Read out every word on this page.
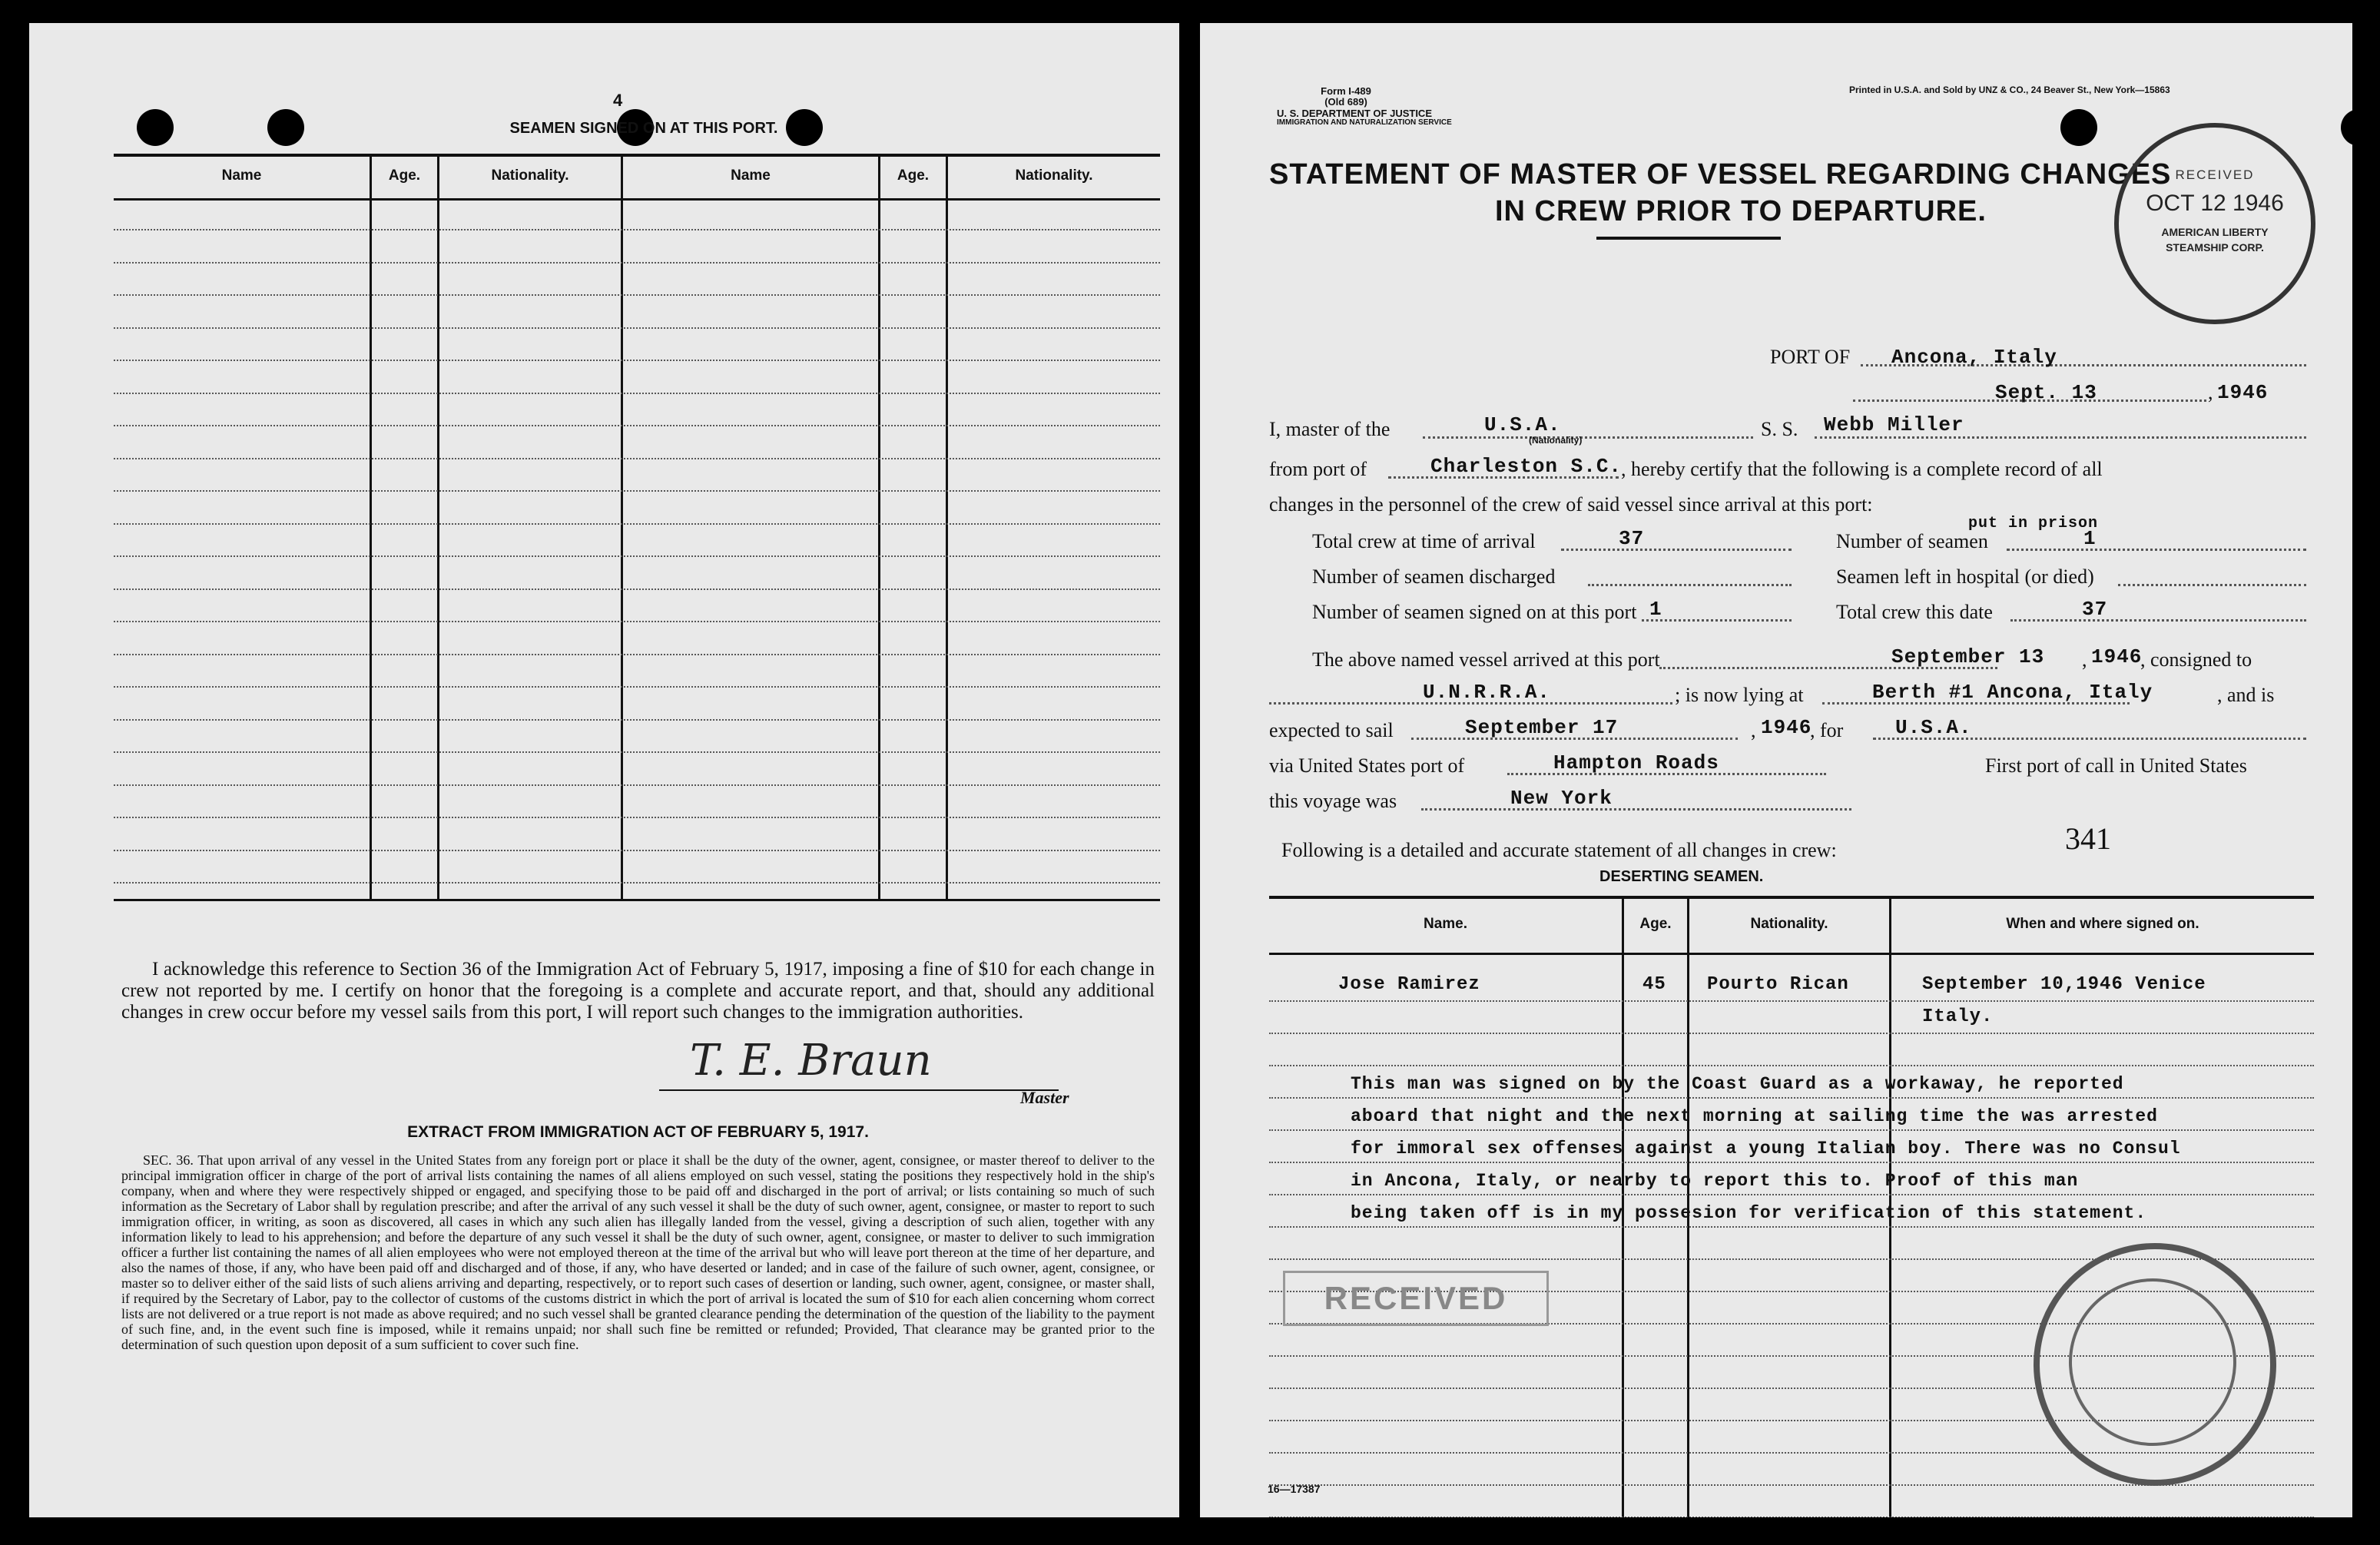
4
SEAMEN SIGNED ON AT THIS PORT.
Name	Age.	Nationality.	Name	Age.	Nationality.
I acknowledge this reference to Section 36 of the Immigration Act of February 5, 1917, imposing a fine of $10 for each change in crew not reported by me. I certify on honor that the foregoing is a complete and accurate report, and that, should any additional changes in crew occur before my vessel sails from this port, I will report such changes to the immigration authorities.
T. E. Braun
Master
EXTRACT FROM IMMIGRATION ACT OF FEBRUARY 5, 1917.
SEC. 36. That upon arrival of any vessel in the United States from any foreign port or place it shall be the duty of the owner, agent, consignee, or master thereof to deliver to the principal immigration officer in charge of the port of arrival lists containing the names of all aliens employed on such vessel, stating the positions they respectively hold in the ship's company, when and where they were respectively shipped or engaged, and specifying those to be paid off and discharged in the port of arrival; or lists containing so much of such information as the Secretary of Labor shall by regulation prescribe; and after the arrival of any such vessel it shall be the duty of such owner, agent, consignee, or master to report to such immigration officer, in writing, as soon as discovered, all cases in which any such alien has illegally landed from the vessel, giving a description of such alien, together with any information likely to lead to his apprehension; and before the departure of any such vessel it shall be the duty of such owner, agent, consignee, or master to deliver to such immigration officer a further list containing the names of all alien employees who were not employed thereon at the time of the arrival but who will leave port thereon at the time of her departure, and also the names of those, if any, who have been paid off and discharged and of those, if any, who have deserted or landed; and in case of the failure of such owner, agent, consignee, or master so to deliver either of the said lists of such aliens arriving and departing, respectively, or to report such cases of desertion or landing, such owner, agent, consignee, or master shall, if required by the Secretary of Labor, pay to the collector of customs of the customs district in which the port of arrival is located the sum of $10 for each alien concerning whom correct lists are not delivered or a true report is not made as above required; and no such vessel shall be granted clearance pending the determination of the question of the liability to the payment of such fine, and, in the event such fine is imposed, while it remains unpaid; nor shall such fine be remitted or refunded; Provided, That clearance may be granted prior to the determination of such question upon deposit of a sum sufficient to cover such fine.
Form I-489
(Old 689)
U. S. DEPARTMENT OF JUSTICE
IMMIGRATION AND NATURALIZATION SERVICE
Printed in U.S.A. and Sold by UNZ & CO., 24 Beaver St., New York—15863
STATEMENT OF MASTER OF VESSEL REGARDING CHANGES
IN CREW PRIOR TO DEPARTURE.
RECEIVED
OCT 12 1946
AMERICAN LIBERTY
STEAMSHIP CORP.
PORT OF Ancona, Italy
Sept. 13	, 1946
I, master of the	U.S.A.
(Nationality)	S. S. Webb Miller
from port of	Charleston S.C.
, hereby certify that the following is a complete record of all
changes in the personnel of the crew of said vessel since arrival at this port:
Total crew at time of arrival	37	Number of seamen
put in prison
1
Number of seamen discharged	Seamen left in hospital (or died)
Number of seamen signed on at this port 1	Total crew this date	37
The above named vessel arrived at this port	September 13 , 1946
, consigned to
U.N.R.R.A.	; is now lying at	Berth #1 Ancona, Italy	, and is
expected to sail	September 17	, 1946
, for	U.S.A.
via United States port of	Hampton Roads	First port of call in United States
this voyage was	New York
Following is a detailed and accurate statement of all changes in crew:	341
DESERTING SEAMEN.
Name.	Age.	Nationality.	When and where signed on.
Jose Ramirez	45 Pourto Rican	September 10,1946 Venice
Italy.
This man was signed on by the Coast Guard as a workaway, he reported
aboard that night and the next morning at sailing time the was arrested
for immoral sex offenses against a young Italian boy. There was no Consul
in Ancona, Italy, or nearby to report this to. Proof of this man
being taken off is in my possesion for verification of this statement.
RECEIVED
16—17387
